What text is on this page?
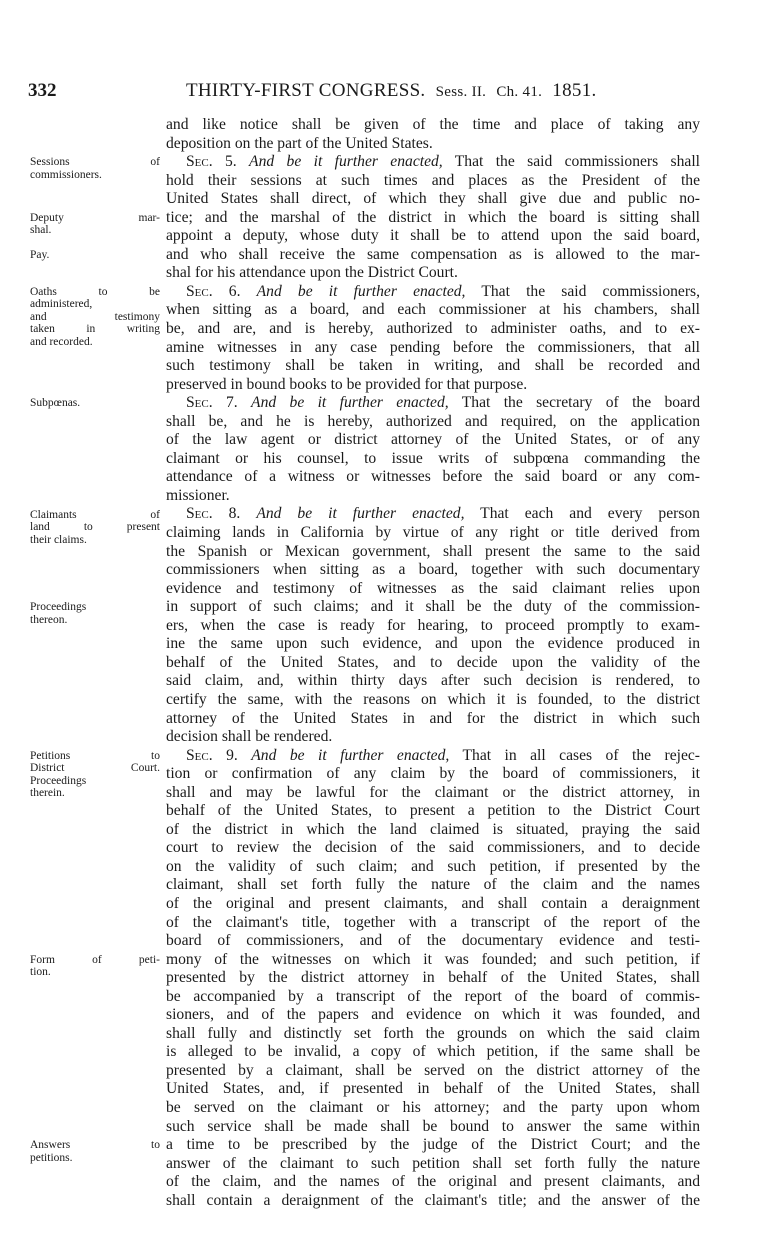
332	THIRTY-FIRST CONGRESS. Sess. II. Ch. 41. 1851.
and like notice shall be given of the time and place of taking any
deposition on the part of the United States.
Sec. 5. And be it further enacted, That the said commissioners shall
hold their sessions at such times and places as the President of the
United States shall direct, of which they shall give due and public no-
tice; and the marshal of the district in which the board is sitting shall
appoint a deputy, whose duty it shall be to attend upon the said board,
and who shall receive the same compensation as is allowed to the mar-
shal for his attendance upon the District Court.
Sec. 6. And be it further enacted, That the said commissioners,
when sitting as a board, and each commissioner at his chambers, shall
be, and are, and is hereby, authorized to administer oaths, and to ex-
amine witnesses in any case pending before the commissioners, that all
such testimony shall be taken in writing, and shall be recorded and
preserved in bound books to be provided for that purpose.
Sec. 7. And be it further enacted, That the secretary of the board
shall be, and he is hereby, authorized and required, on the application
of the law agent or district attorney of the United States, or of any
claimant or his counsel, to issue writs of subpœna commanding the
attendance of a witness or witnesses before the said board or any com-
missioner.
Sec. 8. And be it further enacted, That each and every person
claiming lands in California by virtue of any right or title derived from
the Spanish or Mexican government, shall present the same to the said
commissioners when sitting as a board, together with such documentary
evidence and testimony of witnesses as the said claimant relies upon
in support of such claims; and it shall be the duty of the commission-
ers, when the case is ready for hearing, to proceed promptly to exam-
ine the same upon such evidence, and upon the evidence produced in
behalf of the United States, and to decide upon the validity of the
said claim, and, within thirty days after such decision is rendered, to
certify the same, with the reasons on which it is founded, to the district
attorney of the United States in and for the district in which such
decision shall be rendered.
Sec. 9. And be it further enacted, That in all cases of the rejec-
tion or confirmation of any claim by the board of commissioners, it
shall and may be lawful for the claimant or the district attorney, in
behalf of the United States, to present a petition to the District Court
of the district in which the land claimed is situated, praying the said
court to review the decision of the said commissioners, and to decide
on the validity of such claim; and such petition, if presented by the
claimant, shall set forth fully the nature of the claim and the names
of the original and present claimants, and shall contain a deraignment
of the claimant's title, together with a transcript of the report of the
board of commissioners, and of the documentary evidence and testi-
mony of the witnesses on which it was founded; and such petition, if
presented by the district attorney in behalf of the United States, shall
be accompanied by a transcript of the report of the board of commis-
sioners, and of the papers and evidence on which it was founded, and
shall fully and distinctly set forth the grounds on which the said claim
is alleged to be invalid, a copy of which petition, if the same shall be
presented by a claimant, shall be served on the district attorney of the
United States, and, if presented in behalf of the United States, shall
be served on the claimant or his attorney; and the party upon whom
such service shall be made shall be bound to answer the same within
a time to be prescribed by the judge of the District Court; and the
answer of the claimant to such petition shall set forth fully the nature
of the claim, and the names of the original and present claimants, and
shall contain a deraignment of the claimant's title; and the answer of the
Sessions of
commissioners.
Deputy mar-
shal.
Pay.
Oaths to be
administered,
and testimony
taken in writing
and recorded.
Subpœnas.
Claimants of
land to present
their claims.
Proceedings
thereon.
Petitions to
District Court.
Proceedings
therein.
Form of peti-
tion.
Answers to
petitions.
